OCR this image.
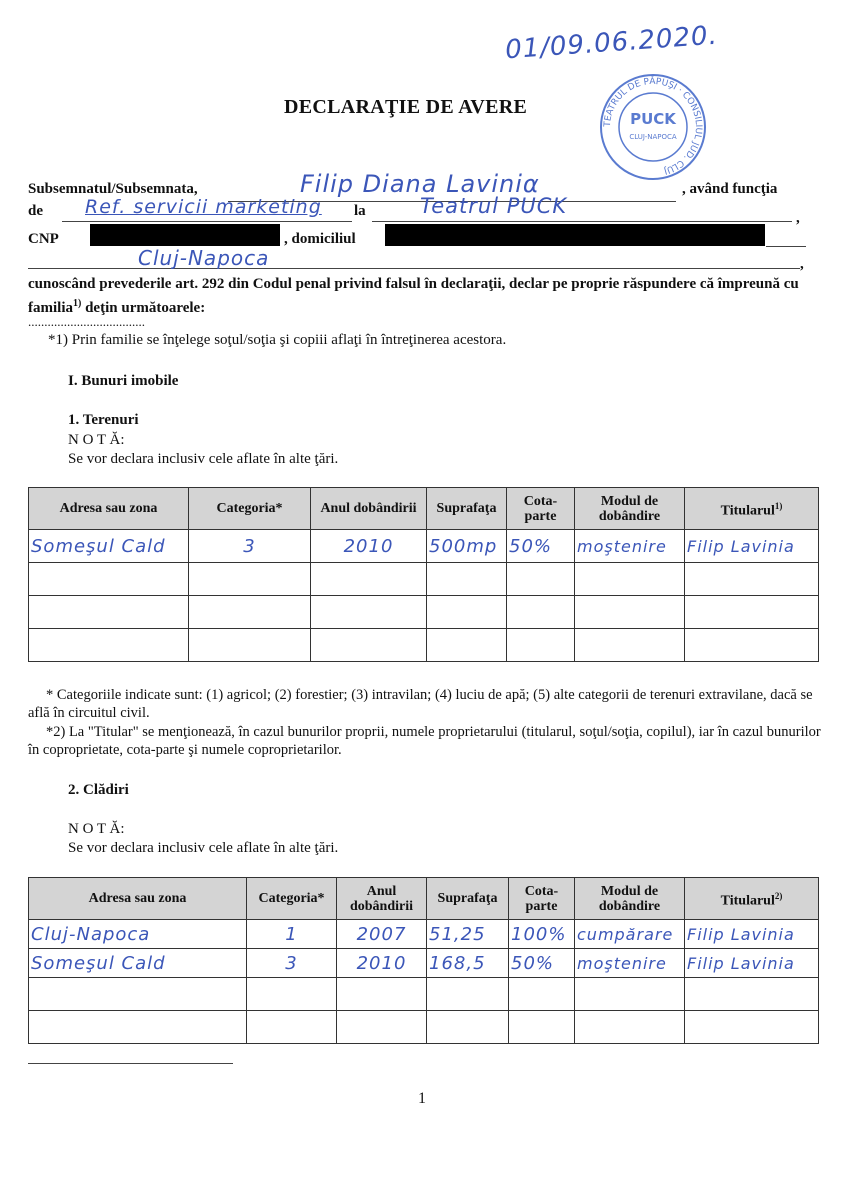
01/09.06.2020.
DECLARAŢIE DE AVERE
TEATRUL DE PĂPUŞI · CONSILIUL JUD. CLUJ
PUCK
CLUJ-NAPOCA
Subsemnatul/Subsemnata,	Filip Diana Laviniα	, având funcţia
de Ref. servicii marketing la	Teatrul PUCK	,
CNP	, domiciliul
Cluj-Napoca	,
cunoscând prevederile art. 292 din Codul penal privind falsul în declaraţii, declar pe proprie răspundere că împreună cu familia$^{1)}$ deţin următoarele:
....................................
*1) Prin familie se înţelege soţul/soţia şi copiii aflaţi în întreţinerea acestora.
I. Bunuri imobile
1. Terenuri
N O T Ă:
Se vor declara inclusiv cele aflate în alte ţări.
Adresa sau zona	Categoria*	Anul dobândirii	Suprafaţa	Cota-parte	Modul de dobândire	Titularul$^{1)}$
Someşul Cald	3	2010	500mp	50%	moştenire	Filip Lavinia

* Categoriile indicate sunt: (1) agricol; (2) forestier; (3) intravilan; (4) luciu de apă; (5) alte categorii de terenuri extravilane, dacă se află în circuitul civil.
*2) La "Titular" se menţionează, în cazul bunurilor proprii, numele proprietarului (titularul, soţul/soţia, copilul), iar în cazul bunurilor în coproprietate, cota-parte şi numele coproprietarilor.
2. Clădiri
N O T Ă:
Se vor declara inclusiv cele aflate în alte ţări.
Adresa sau zona	Categoria*	Anul dobândirii	Suprafaţa	Cota-parte	Modul de dobândire	Titularul$^{2)}$
Cluj-Napoca	1	2007	51,25	100%	cumpărare	Filip Lavinia
Someşul Cald	3	2010	168,5	50%	moştenire	Filip Lavinia

1
